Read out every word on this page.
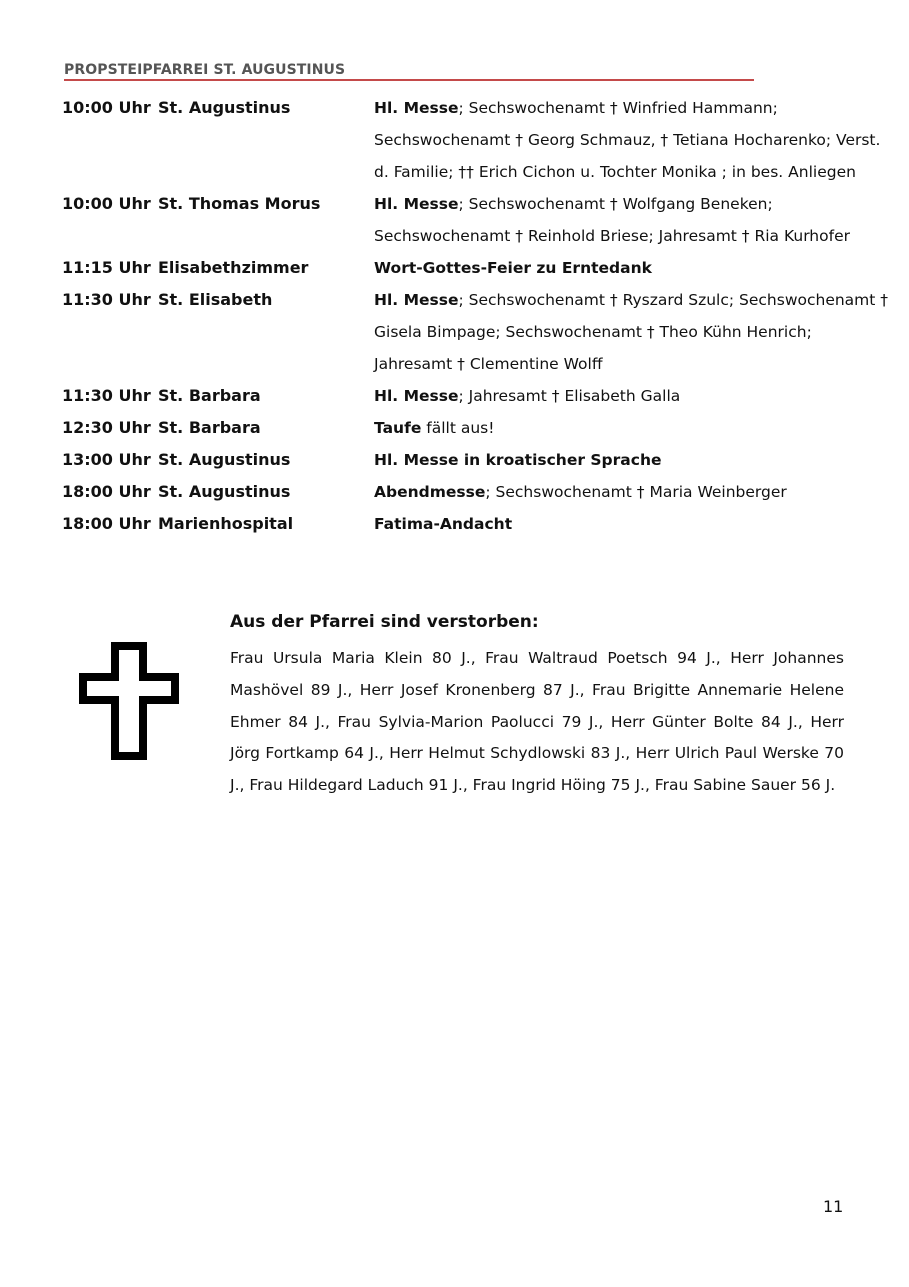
PROPSTEIPFARREI ST. AUGUSTINUS
10:00 Uhr St. Augustinus	Hl. Messe; Sechswochenamt † Winfried Hammann; Sechswochenamt † Georg Schmauz, † Tetiana Hocharenko; Verst. d. Familie; †† Erich Cichon u. Tochter Monika ; in bes. Anliegen
10:00 Uhr St. Thomas Morus	Hl. Messe; Sechswochenamt † Wolfgang Beneken; Sechswochenamt † Reinhold Briese; Jahresamt † Ria Kurhofer
11:15 Uhr Elisabethzimmer	Wort-Gottes-Feier zu Erntedank
11:30 Uhr St. Elisabeth	Hl. Messe; Sechswochenamt † Ryszard Szulc; Sechswochenamt † Gisela Bimpage; Sechswochenamt † Theo Kühn Henrich; Jahresamt † Clementine Wolff
11:30 Uhr St. Barbara	Hl. Messe; Jahresamt † Elisabeth Galla
12:30 Uhr St. Barbara	Taufe fällt aus!
13:00 Uhr St. Augustinus	Hl. Messe in kroatischer Sprache
18:00 Uhr St. Augustinus	Abendmesse; Sechswochenamt † Maria Weinberger
18:00 Uhr Marienhospital	Fatima-Andacht
Aus der Pfarrei sind verstorben:
Frau Ursula Maria Klein 80 J., Frau Waltraud Poetsch 94 J., Herr Johannes Mashövel 89 J., Herr Josef Kronenberg 87 J., Frau Brigitte Annemarie Helene Ehmer 84 J., Frau Sylvia-Marion Paolucci 79 J., Herr Günter Bolte 84 J., Herr Jörg Fortkamp 64 J., Herr Helmut Schydlowski 83 J., Herr Ulrich Paul Werske 70 J., Frau Hildegard Laduch 91 J., Frau Ingrid Höing 75 J., Frau Sabine Sauer 56 J.
11
